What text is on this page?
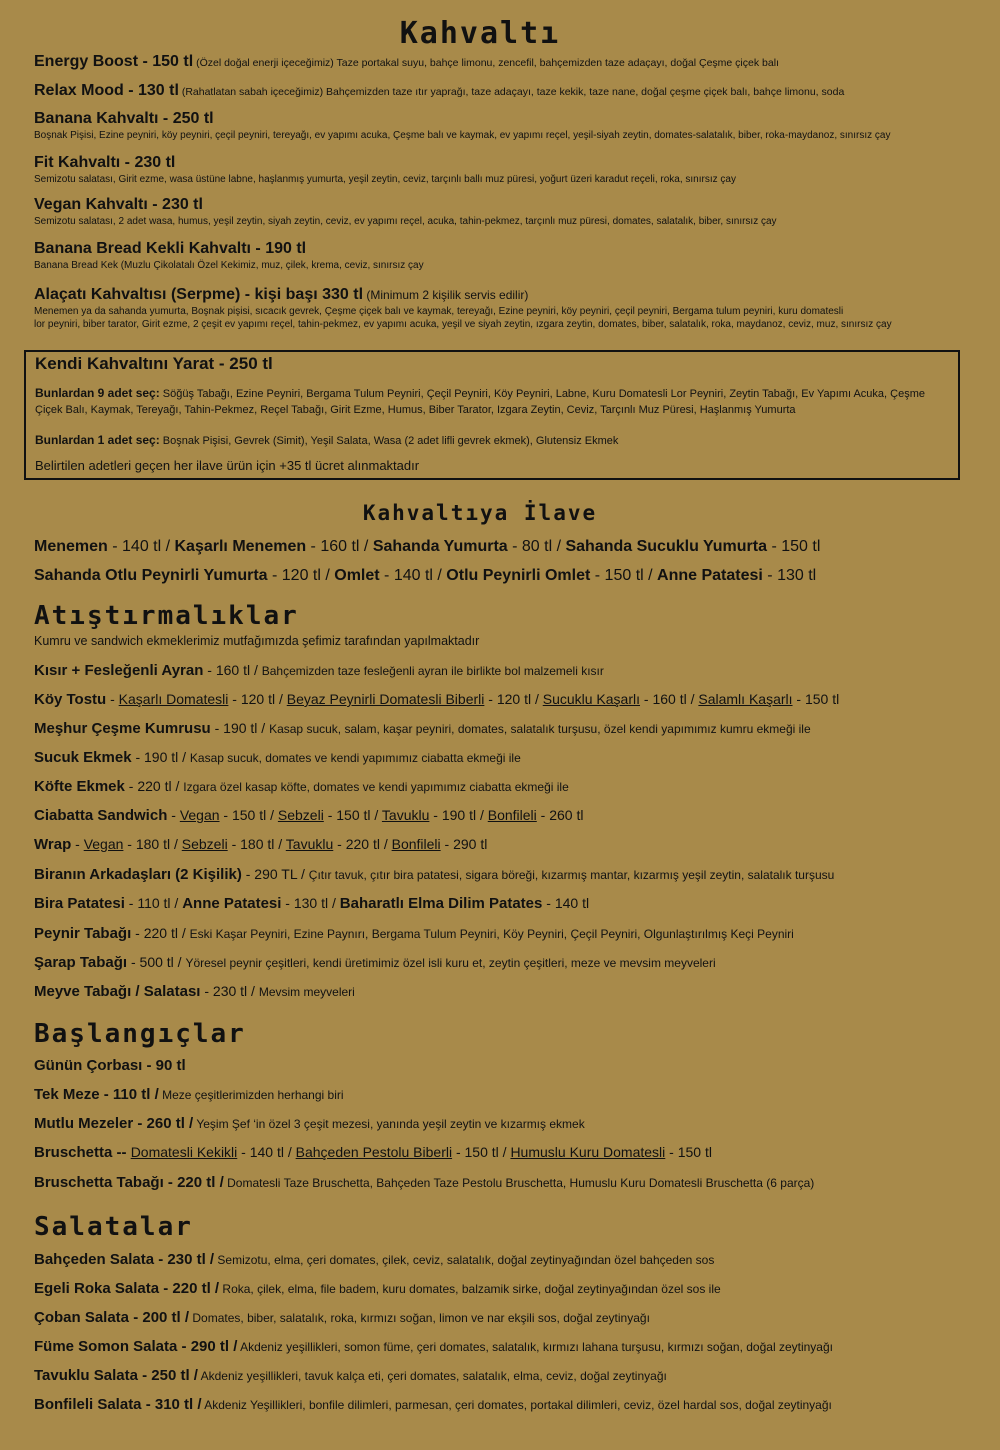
Kahvaltı
Energy Boost - 150 tl (Özel doğal enerji içeceğimiz) Taze portakal suyu, bahçe limonu, zencefil, bahçemizden taze adaçayı, doğal Çeşme çiçek balı
Relax Mood - 130 tl (Rahatlatan sabah içeceğimiz) Bahçemizden taze ıtır yaprağı, taze adaçayı, taze kekik, taze nane, doğal çeşme çiçek balı, bahçe limonu, soda
Banana Kahvaltı - 250 tl
Boşnak Pişisi, Ezine peyniri, köy peyniri, çeçil peyniri, tereyağı, ev yapımı acuka, Çeşme balı ve kaymak, ev yapımı reçel, yeşil-siyah zeytin, domates-salatalık, biber, roka-maydanoz, sınırsız çay
Fit Kahvaltı - 230 tl
Semizotu salatası, Girit ezme, wasa üstüne labne, haşlanmış yumurta, yeşil zeytin, ceviz, tarçınlı ballı muz püresi, yoğurt üzeri karadut reçeli, roka, sınırsız çay
Vegan Kahvaltı - 230 tl
Semizotu salatası, 2 adet wasa, humus, yeşil zeytin, siyah zeytin, ceviz, ev yapımı reçel, acuka, tahin-pekmez, tarçınlı muz püresi, domates, salatalık, biber, sınırsız çay
Banana Bread Kekli Kahvaltı - 190 tl
Banana Bread Kek (Muzlu Çikolatalı Özel Kekimiz, muz, çilek, krema, ceviz, sınırsız çay
Alaçatı Kahvaltısı (Serpme) - kişi başı 330 tl (Minimum 2 kişilik servis edilir)
Menemen ya da sahanda yumurta, Boşnak pişisi, sıcacık gevrek, Çeşme çiçek balı ve kaymak, tereyağı, Ezine peyniri, köy peyniri, çeçil peyniri, Bergama tulum peyniri, kuru domatesli
lor peyniri, biber tarator, Girit ezme, 2 çeşit ev yapımı reçel, tahin-pekmez, ev yapımı acuka, yeşil ve siyah zeytin, ızgara zeytin, domates, biber, salatalık, roka, maydanoz, ceviz, muz, sınırsız çay
Kendi Kahvaltını Yarat - 250 tl
Bunlardan 9 adet seç: Söğüş Tabağı, Ezine Peyniri, Bergama Tulum Peyniri, Çeçil Peyniri, Köy Peyniri, Labne, Kuru Domatesli Lor Peyniri, Zeytin Tabağı, Ev Yapımı Acuka, Çeşme Çiçek Balı, Kaymak, Tereyağı, Tahin-Pekmez, Reçel Tabağı, Girit Ezme, Humus, Biber Tarator, Izgara Zeytin, Ceviz, Tarçınlı Muz Püresi, Haşlanmış Yumurta
Bunlardan 1 adet seç: Boşnak Pişisi, Gevrek (Simit), Yeşil Salata, Wasa (2 adet lifli gevrek ekmek), Glutensiz Ekmek
Belirtilen adetleri geçen her ilave ürün için +35 tl ücret alınmaktadır
Kahvaltıya İlave
Menemen - 140 tl / Kaşarlı Menemen - 160 tl / Sahanda Yumurta - 80 tl / Sahanda Sucuklu Yumurta - 150 tl
Sahanda Otlu Peynirli Yumurta - 120 tl / Omlet - 140 tl / Otlu Peynirli Omlet - 150 tl / Anne Patatesi - 130 tl
Atıştırmalıklar
Kumru ve sandwich ekmeklerimiz mutfağımızda şefimiz tarafından yapılmaktadır
Kısır + Fesleğenli Ayran - 160 tl / Bahçemizden taze fesleğenli ayran ile birlikte bol malzemeli kısır
Köy Tostu - Kaşarlı Domatesli - 120 tl / Beyaz Peynirli Domatesli Biberli - 120 tl / Sucuklu Kaşarlı - 160 tl / Salamlı Kaşarlı - 150 tl
Meşhur Çeşme Kumrusu - 190 tl / Kasap sucuk, salam, kaşar peyniri, domates, salatalık turşusu, özel kendi yapımımız kumru ekmeği ile
Sucuk Ekmek - 190 tl / Kasap sucuk, domates ve kendi yapımımız ciabatta ekmeği ile
Köfte Ekmek - 220 tl / Izgara özel kasap köfte, domates ve kendi yapımımız ciabatta ekmeği ile
Ciabatta Sandwich - Vegan - 150 tl / Sebzeli - 150 tl / Tavuklu - 190 tl / Bonfileli - 260 tl
Wrap - Vegan - 180 tl / Sebzeli - 180 tl / Tavuklu - 220 tl / Bonfileli - 290 tl
Biranın Arkadaşları (2 Kişilik) - 290 TL / Çıtır tavuk, çıtır bira patatesi, sigara böreği, kızarmış mantar, kızarmış yeşil zeytin, salatalık turşusu
Bira Patatesi - 110 tl / Anne Patatesi - 130 tl / Baharatlı Elma Dilim Patates - 140 tl
Peynir Tabağı - 220 tl / Eski Kaşar Peyniri, Ezine Paynırı, Bergama Tulum Peyniri, Köy Peyniri, Çeçil Peyniri, Olgunlaştırılmış Keçi Peyniri
Şarap Tabağı - 500 tl / Yöresel peynir çeşitleri, kendi üretimimiz özel isli kuru et, zeytin çeşitleri, meze ve mevsim meyveleri
Meyve Tabağı / Salatası - 230 tl / Mevsim meyveleri
Başlangıçlar
Günün Çorbası - 90 tl
Tek Meze - 110 tl / Meze çeşitlerimizden herhangi biri
Mutlu Mezeler - 260 tl / Yeşim Şef ‘in özel 3 çeşit mezesi, yanında yeşil zeytin ve kızarmış ekmek
Bruschetta -- Domatesli Kekikli - 140 tl / Bahçeden Pestolu Biberli - 150 tl / Humuslu Kuru Domatesli - 150 tl
Bruschetta Tabağı - 220 tl / Domatesli Taze Bruschetta, Bahçeden Taze Pestolu Bruschetta, Humuslu Kuru Domatesli Bruschetta (6 parça)
Salatalar
Bahçeden Salata - 230 tl / Semizotu, elma, çeri domates, çilek, ceviz, salatalık, doğal zeytinyağından özel bahçeden sos
Egeli Roka Salata - 220 tl / Roka, çilek, elma, file badem, kuru domates, balzamik sirke, doğal zeytinyağından özel sos ile
Çoban Salata - 200 tl / Domates, biber, salatalık, roka, kırmızı soğan, limon ve nar ekşili sos, doğal zeytinyağı
Füme Somon Salata - 290 tl / Akdeniz yeşillikleri, somon füme, çeri domates, salatalık, kırmızı lahana turşusu, kırmızı soğan, doğal zeytinyağı
Tavuklu Salata - 250 tl / Akdeniz yeşillikleri, tavuk kalça eti, çeri domates, salatalık, elma, ceviz, doğal zeytinyağı
Bonfileli Salata - 310 tl / Akdeniz Yeşillikleri, bonfile dilimleri, parmesan, çeri domates, portakal dilimleri, ceviz, özel hardal sos, doğal zeytinyağı
